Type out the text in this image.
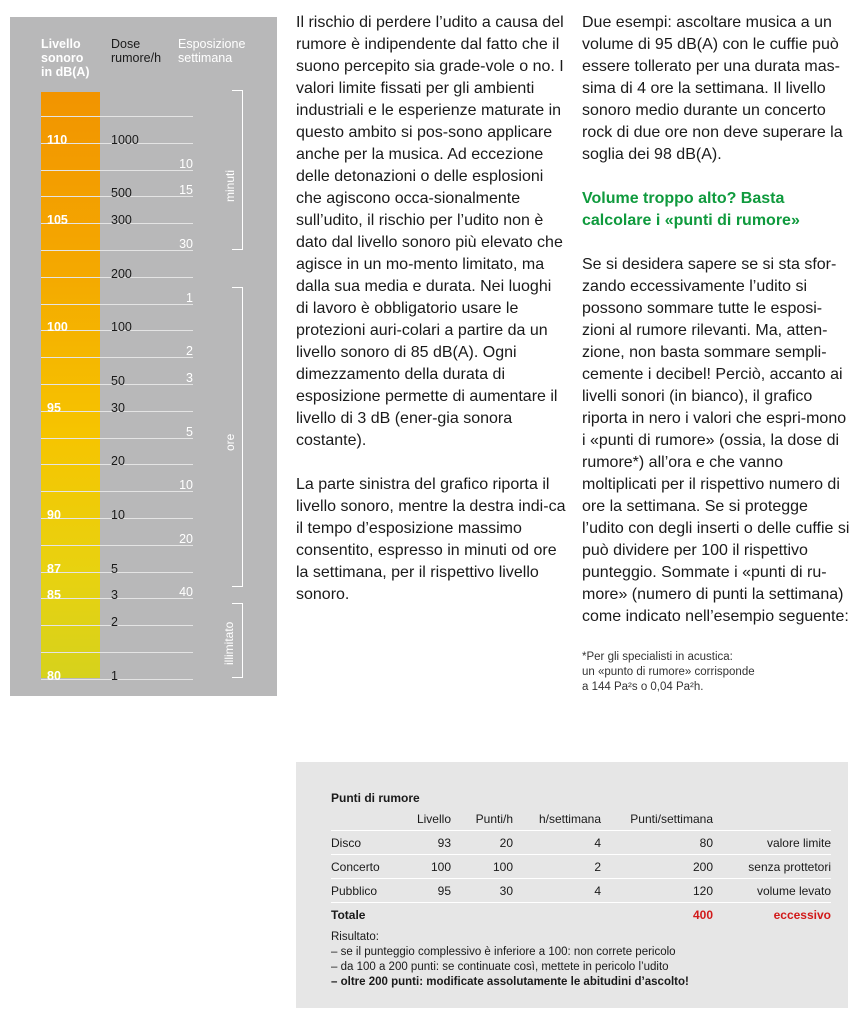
Livello
sonoro
in dB(A)
Dose
rumore/h
Esposizione
settimana
110	1000
10
500	15
105	300
30
200
1
100	100
2
50	3
95	30
5
20
10
90	10
20
87	5
85	3	40
2
80	1
minuti
ore
illimitato

Il rischio di perdere l’udito a causa del rumore è indipendente dal fatto che il suono percepito sia grade-vole o no. I valori limite fissati per gli ambienti industriali e le esperienze maturate in questo ambito si pos-sono applicare anche per la musica. Ad eccezione delle detonazioni o delle esplosioni che agiscono occa-sionalmente sull’udito, il rischio per l’udito non è dato dal livello sonoro più elevato che agisce in un mo-mento limitato, ma dalla sua media e durata. Nei luoghi di lavoro è obbligatorio usare le protezioni auri-colari a partire da un livello sonoro di 85 dB(A). Ogni dimezzamento della durata di esposizione permette di aumentare il livello di 3 dB (ener-gia sonora costante).

La parte sinistra del grafico riporta il livello sonoro, mentre la destra indi-ca il tempo d’esposizione massimo consentito, espresso in minuti od ore la settimana, per il rispettivo livello sonoro.

Due esempi: ascoltare musica a un volume di 95 dB(A) con le cuffie può essere tollerato per una durata mas-sima di 4 ore la settimana. Il livello sonoro medio durante un concerto rock di due ore non deve superare la soglia dei 98 dB(A).

Volume troppo alto? Basta calcolare i «punti di rumore»

Se si desidera sapere se si sta sfor-zando eccessivamente l’udito si possono sommare tutte le esposi-zioni al rumore rilevanti. Ma, atten-zione, non basta sommare sempli-cemente i decibel! Perciò, accanto ai livelli sonori (in bianco), il grafico riporta in nero i valori che espri-mono i «punti di rumore» (ossia, la dose di rumore*) all’ora e che vanno moltiplicati per il rispettivo numero di ore la settimana. Se si protegge l’udito con degli inserti o delle cuffie si può dividere per 100 il rispettivo punteggio. Sommate i «punti di ru-more» (numero di punti la settimana) come indicato nell’esempio seguente:

*Per gli specialisti in acustica:
un «punto di rumore» corrisponde
a 144 Pa²s o 0,04 Pa²h.
Punti di rumore
	Livello	Punti/h	h/settimana	Punti/settimana	
Disco	93	20	4	80	valore limite
Concerto	100	100	2	200	senza prottetori
Pubblico	95	30	4	120	volume levato
Totale				400	eccessivo
Risultato:
– se il punteggio complessivo è inferiore a 100: non correte pericolo
– da 100 a 200 punti: se continuate così, mettete in pericolo l’udito
– oltre 200 punti: modificate assolutamente le abitudini d’ascolto!
